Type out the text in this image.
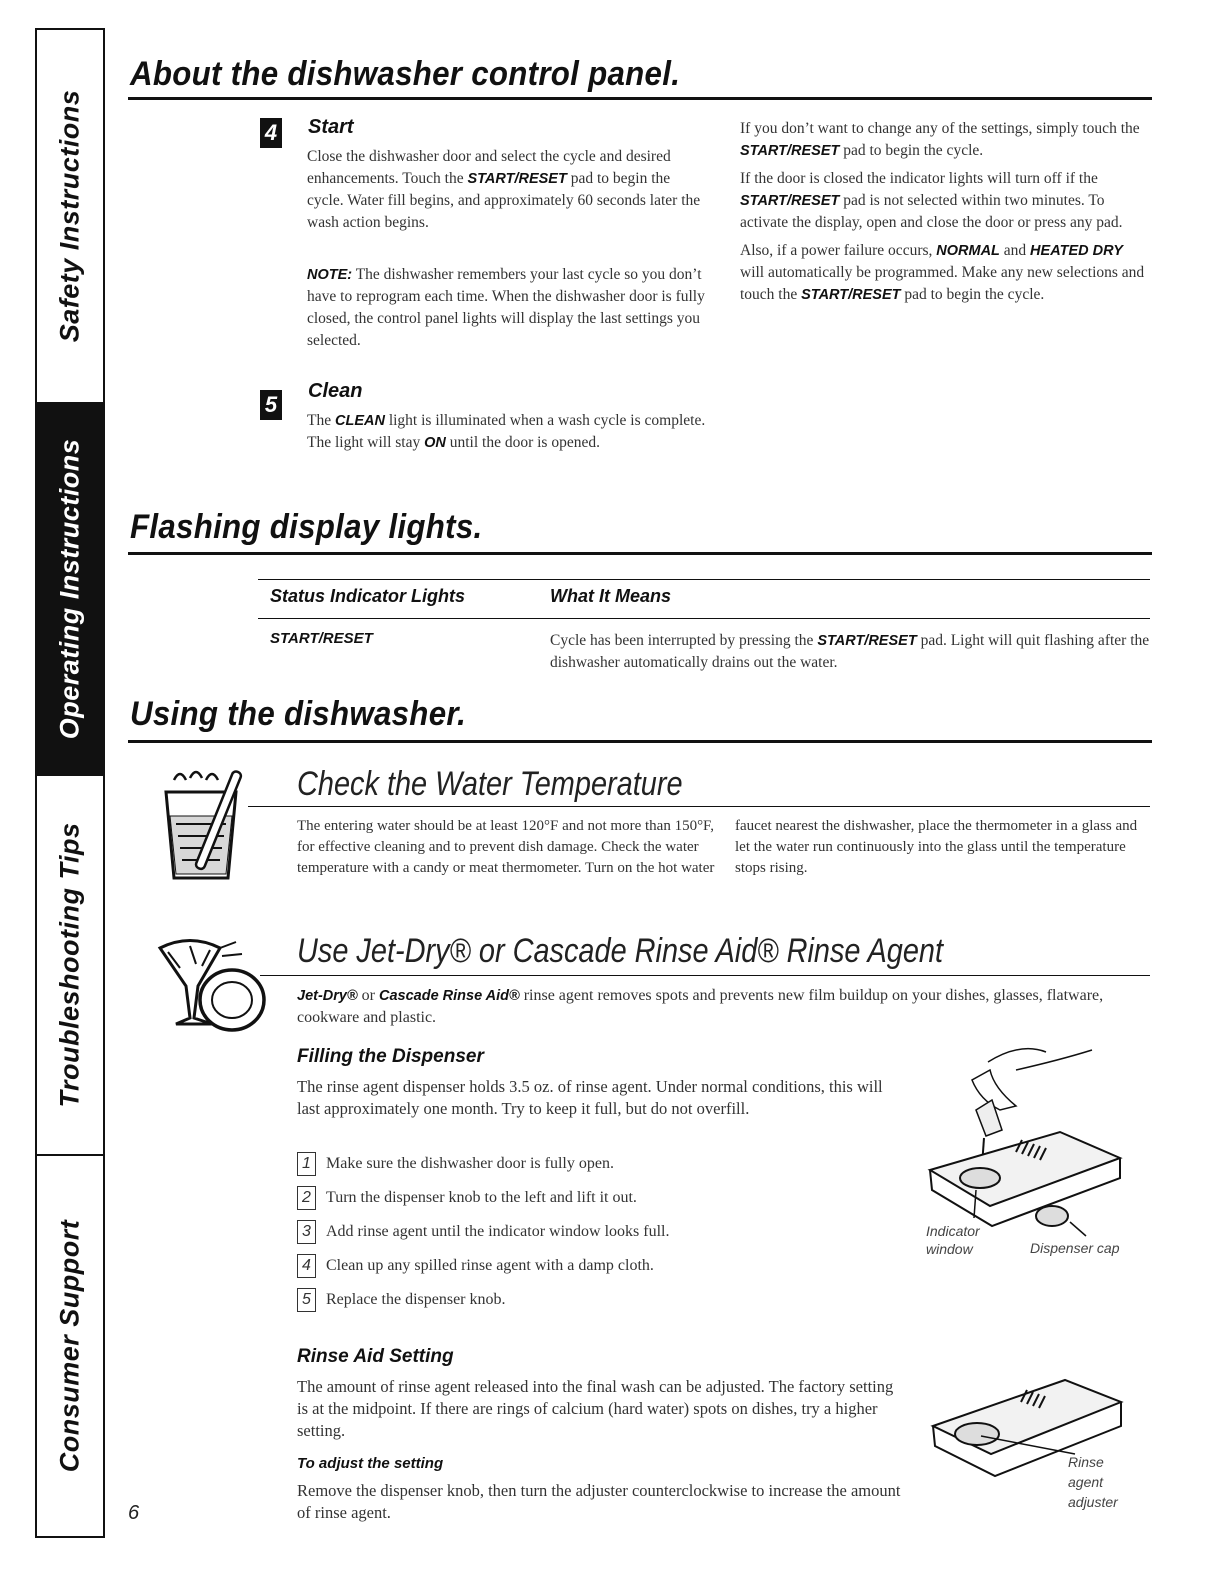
Safety Instructions
Operating Instructions
Troubleshooting Tips
Consumer Support
About the dishwasher control panel.
4 Start
Close the dishwasher door and select the cycle and desired enhancements. Touch the START/RESET pad to begin the cycle. Water fill begins, and approximately 60 seconds later the wash action begins.
NOTE: The dishwasher remembers your last cycle so you don’t have to reprogram each time. When the dishwasher door is fully closed, the control panel lights will display the last settings you selected.
If you don’t want to change any of the settings, simply touch the START/RESET pad to begin the cycle.
If the door is closed the indicator lights will turn off if the START/RESET pad is not selected within two minutes. To activate the display, open and close the door or press any pad.
Also, if a power failure occurs, NORMAL and HEATED DRY will automatically be programmed. Make any new selections and touch the START/RESET pad to begin the cycle.
5
Clean
The CLEAN light is illuminated when a wash cycle is complete. The light will stay ON until the door is opened.
Flashing display lights.
Status Indicator Lights	What It Means
START/RESET	Cycle has been interrupted by pressing the START/RESET pad. Light will quit flashing after the dishwasher automatically drains out the water.
Using the dishwasher.
Check the Water Temperature
The entering water should be at least 120°F and not more than 150°F, for effective cleaning and to prevent dish damage. Check the water temperature with a candy or meat thermometer. Turn on the hot water
faucet nearest the dishwasher, place the thermometer in a glass and let the water run continuously into the glass until the temperature stops rising.
Use Jet-Dry® or Cascade Rinse Aid® Rinse Agent
Jet-Dry® or Cascade Rinse Aid® rinse agent removes spots and prevents new film buildup on your dishes, glasses, flatware, cookware and plastic.
Filling the Dispenser
The rinse agent dispenser holds 3.5 oz. of rinse agent. Under normal conditions, this will last approximately one month. Try to keep it full, but do not overfill.
1 Make sure the dishwasher door is fully open.
2 Turn the dispenser knob to the left and lift it out.
3 Add rinse agent until the indicator window looks full.
4 Clean up any spilled rinse agent with a damp cloth.
5 Replace the dispenser knob.
Indicator window	Dispenser cap
Rinse Aid Setting
The amount of rinse agent released into the final wash can be adjusted. The factory setting is at the midpoint. If there are rings of calcium (hard water) spots on dishes, try a higher setting.
To adjust the setting
Remove the dispenser knob, then turn the adjuster counterclockwise to increase the amount of rinse agent.
Rinse agent adjuster
6
